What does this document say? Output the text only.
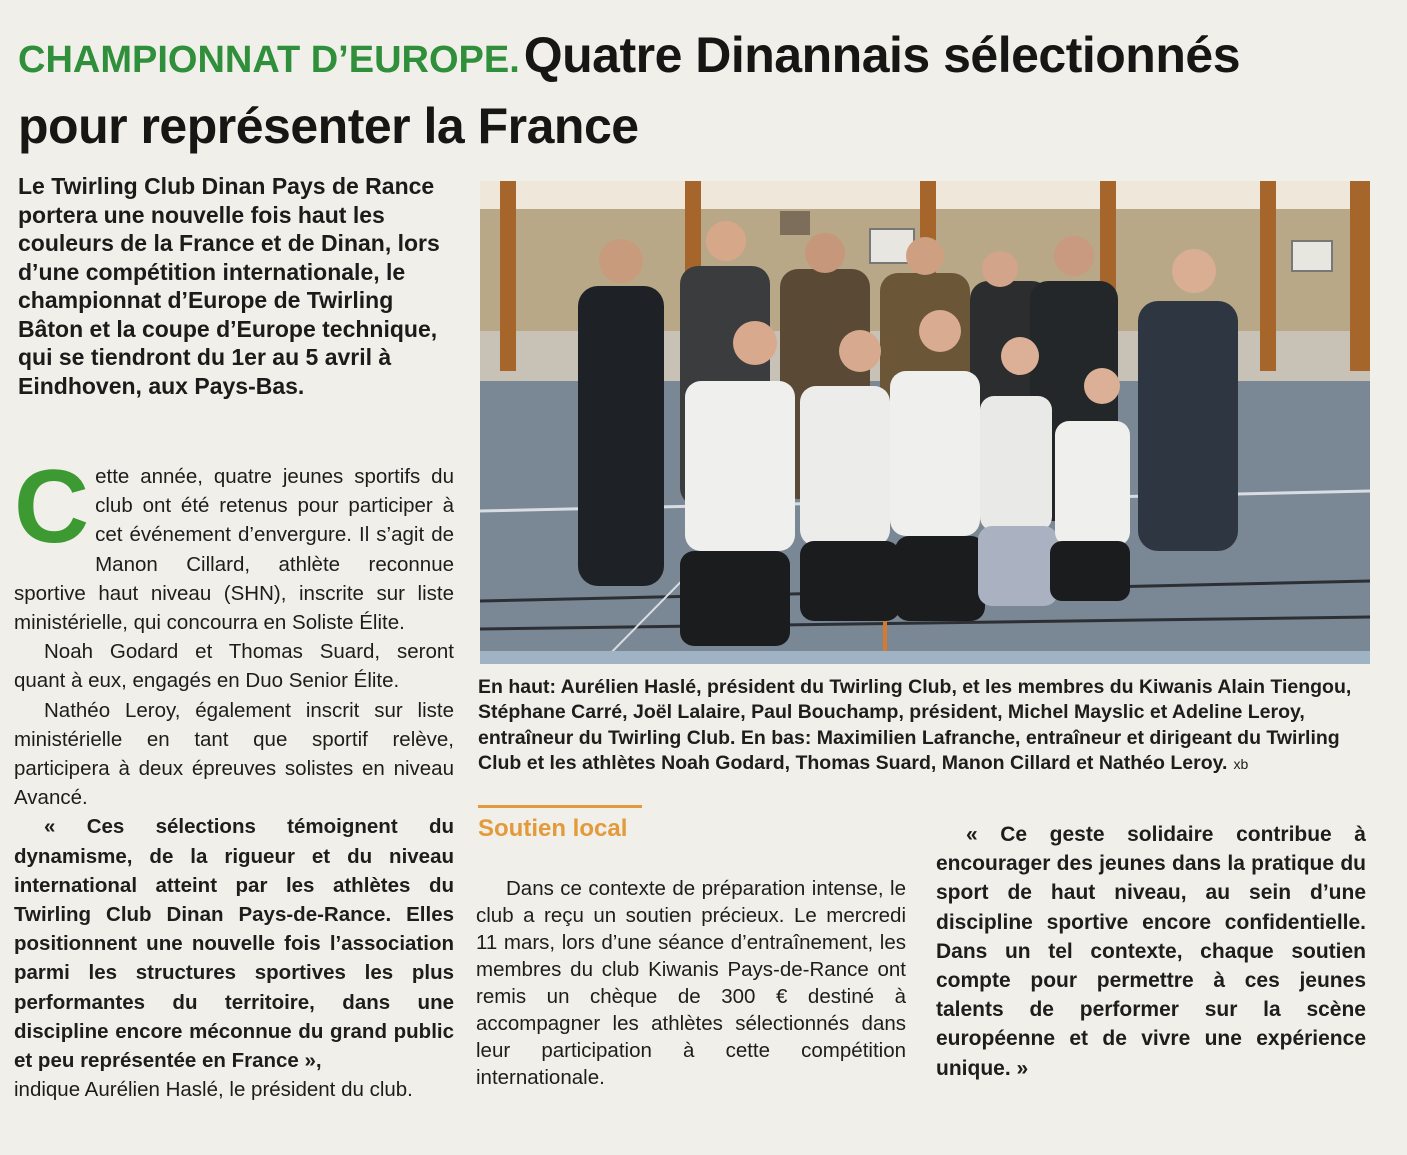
CHAMPIONNAT D’EUROPE. Quatre Dinannais sélectionnés pour représenter la France
Le Twirling Club Dinan Pays de Rance portera une nouvelle fois haut les couleurs de la France et de Dinan, lors d’une compétition internationale, le championnat d’Europe de Twirling Bâton et la coupe d’Europe technique, qui se tiendront du 1er au 5 avril à Eindhoven, aux Pays-Bas.

Cette année, quatre jeunes sportifs du club ont été retenus pour participer à cet événement d’envergure. Il s’agit de Manon Cillard, athlète reconnue sportive haut niveau (SHN), inscrite sur liste ministérielle, qui concourra en Soliste Élite.

Noah Godard et Thomas Suard, seront quant à eux, engagés en Duo Senior Élite.

Nathéo Leroy, également inscrit sur liste ministérielle en tant que sportif relève, participera à deux épreuves solistes en niveau Avancé.

« Ces sélections témoignent du dynamisme, de la rigueur et du niveau international atteint par les athlètes du Twirling Club Dinan Pays-de-Rance. Elles positionnent une nouvelle fois l’association parmi les structures sportives les plus performantes du territoire, dans une discipline encore méconnue du grand public et peu représentée en France »,

indique Aurélien Haslé, le président du club.

En haut: Aurélien Haslé, président du Twirling Club, et les membres du Kiwanis Alain Tiengou, Stéphane Carré, Joël Lalaire, Paul Bouchamp, président, Michel Mayslic et Adeline Leroy, entraîneur du Twirling Club. En bas: Maximilien Lafranche, entraîneur et dirigeant du Twirling Club et les athlètes Noah Godard, Thomas Suard, Manon Cillard et Nathéo Leroy. xb
Soutien local

Dans ce contexte de préparation intense, le club a reçu un soutien précieux. Le mercredi 11 mars, lors d’une séance d’entraînement, les membres du club Kiwanis Pays-de-Rance ont remis un chèque de 300 € destiné à accompagner les athlètes sélectionnés dans leur participation à cette compétition internationale.

« Ce geste solidaire contribue à encourager des jeunes dans la pratique du sport de haut niveau, au sein d’une discipline sportive encore confidentielle. Dans un tel contexte, chaque soutien compte pour permettre à ces jeunes talents de performer sur la scène européenne et de vivre une expérience unique. »
